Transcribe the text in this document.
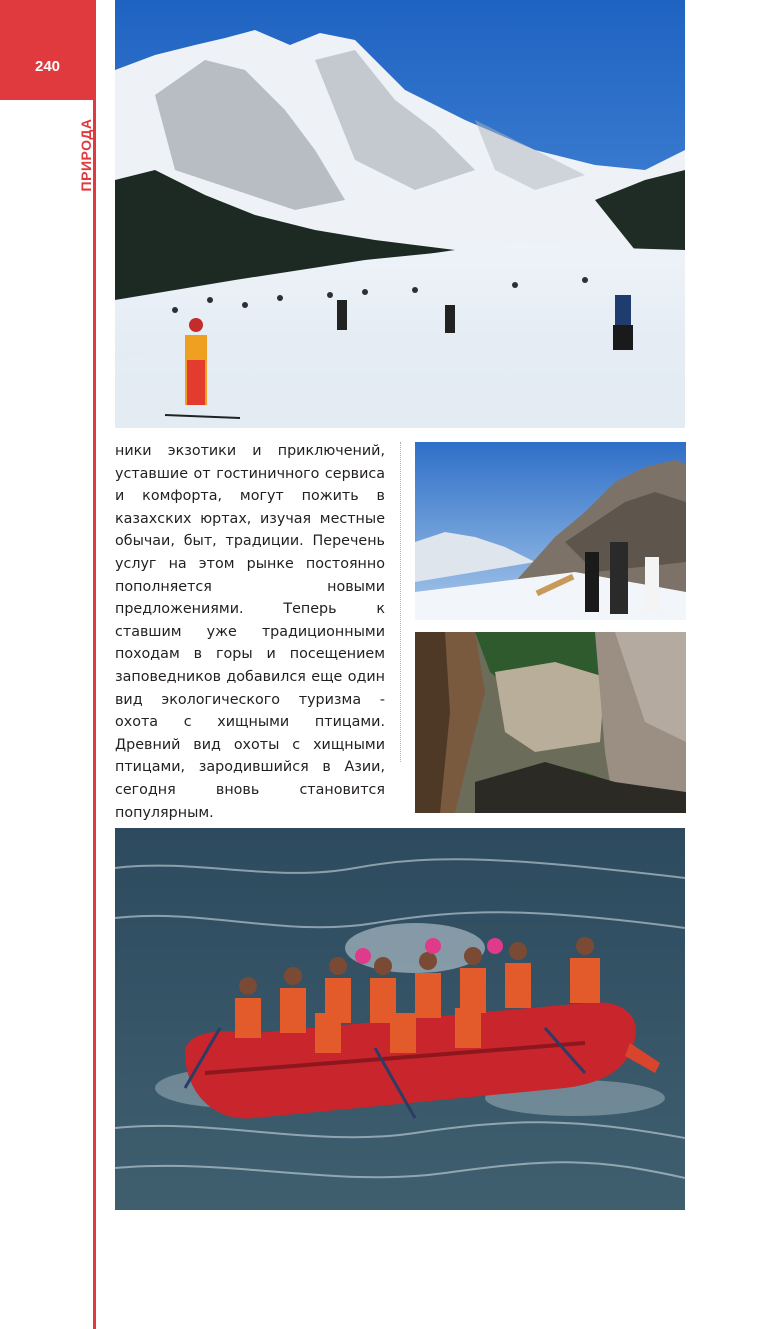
240
ПРИРОДА

ники экзотики и приключений, уставшие от гостиничного сервиса и комфорта, могут пожить в казахских юртах, изучая местные обычаи, быт, традиции. Перечень услуг на этом рынке постоянно пополняется новыми предложениями. Теперь к ставшим уже традиционными походам в горы и посещением заповедников добавился еще один вид экологического туризма - охота с хищными птицами. Древний вид охоты с хищными птицами, зародившийся в Азии, сегодня вновь становится популярным.
